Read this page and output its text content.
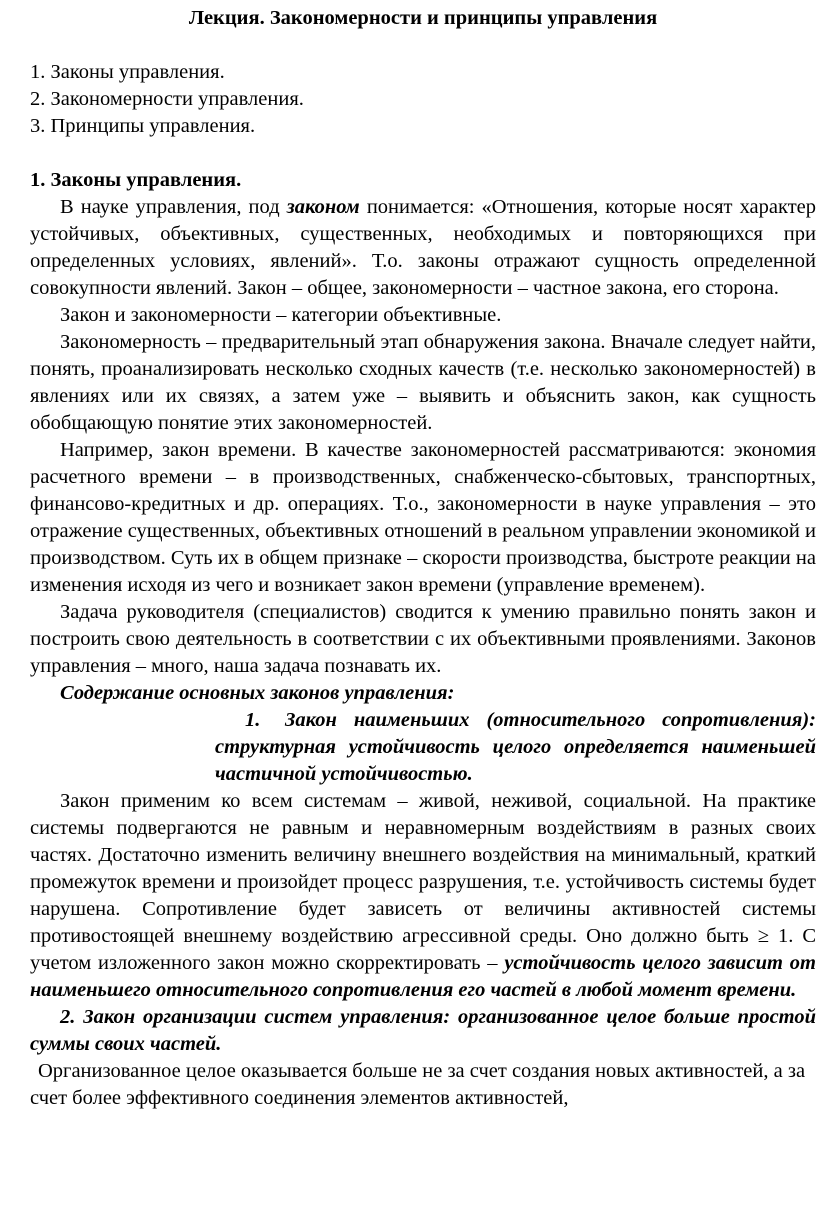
Лекция. Закономерности и принципы управления
1. Законы управления.
2. Закономерности управления.
3. Принципы управления.
1. Законы управления.

В науке управления, под законом понимается: «Отношения, которые носят характер устойчивых, объективных, существенных, необходимых и повторяющихся при определенных условиях, явлений». Т.о. законы отражают сущность определенной совокупности явлений. Закон – общее, закономерности – частное закона, его сторона.

Закон и закономерности – категории объективные.

Закономерность – предварительный этап обнаружения закона. Вначале следует найти, понять, проанализировать несколько сходных качеств (т.е. несколько закономерностей) в явлениях или их связях, а затем уже – выявить и объяснить закон, как сущность обобщающую понятие этих закономерностей.

Например, закон времени. В качестве закономерностей рассматриваются: экономия расчетного времени – в производственных, снабженческо-сбытовых, транспортных, финансово-кредитных и др. операциях. Т.о., закономерности в науке управления – это отражение существенных, объективных отношений в реальном управлении экономикой и производством. Суть их в общем признаке – скорости производства, быстроте реакции на изменения исходя из чего и возникает закон времени (управление временем).

Задача руководителя (специалистов) сводится к умению правильно понять закон и построить свою деятельность в соответствии с их объективными проявлениями. Законов управления – много, наша задача познавать их.

Содержание основных законов управления:

1. Закон наименьших (относительного сопротивления): структурная устойчивость целого определяется наименьшей частичной устойчивостью.

Закон применим ко всем системам – живой, неживой, социальной. На практике системы подвергаются не равным и неравномерным воздействиям в разных своих частях. Достаточно изменить величину внешнего воздействия на минимальный, краткий промежуток времени и произойдет процесс разрушения, т.е. устойчивость системы будет нарушена. Сопротивление будет зависеть от величины активностей системы противостоящей внешнему воздействию агрессивной среды. Оно должно быть ≥ 1. С учетом изложенного закон можно скорректировать – устойчивость целого зависит от наименьшего относительного сопротивления его частей в любой момент времени.

2. Закон организации систем управления: организованное целое больше простой суммы своих частей.

Организованное целое оказывается больше не за счет создания новых активностей, а за счет более эффективного соединения элементов активностей,
